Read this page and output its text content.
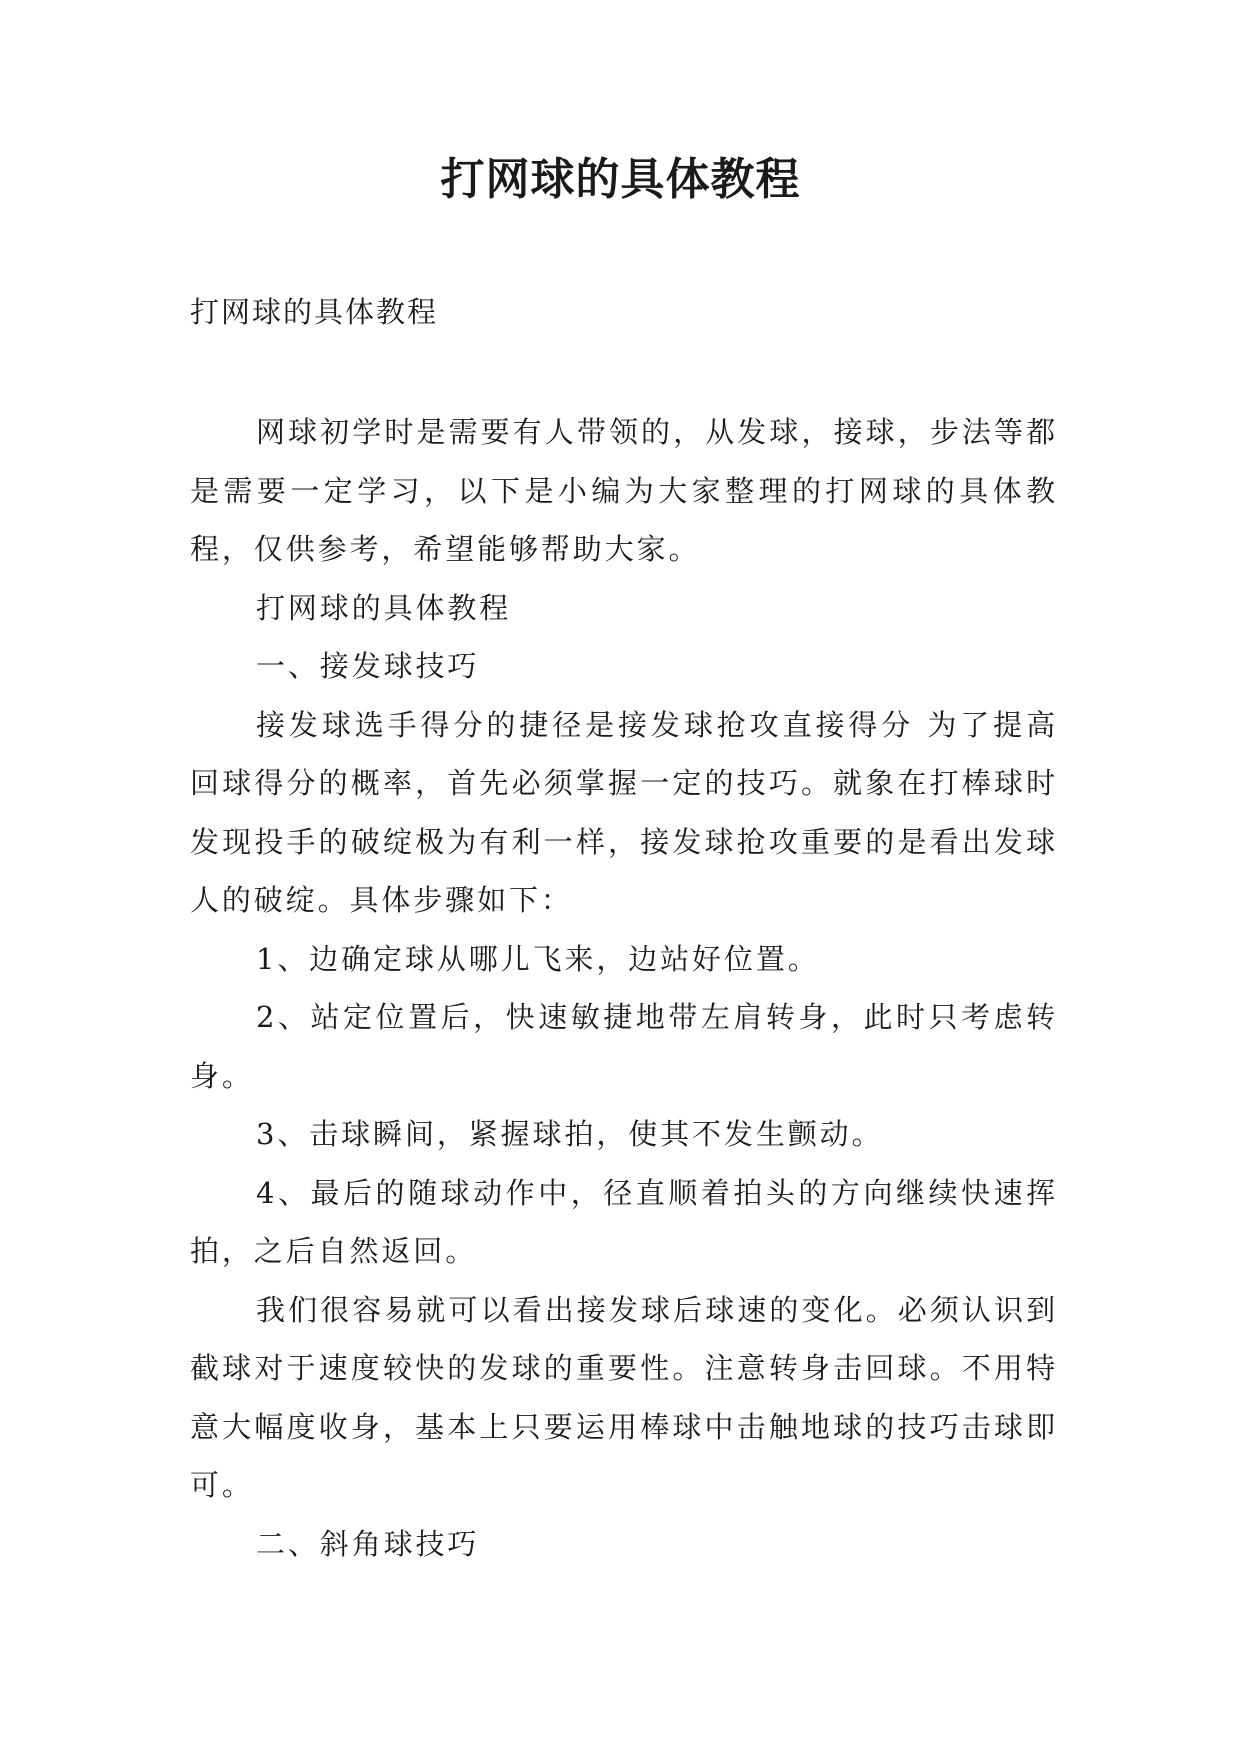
打网球的具体教程
打网球的具体教程

网球初学时是需要有人带领的，从发球，接球，步法等都是需要一定学习，以下是小编为大家整理的打网球的具体教程，仅供参考，希望能够帮助大家。

打网球的具体教程

一、接发球技巧

接发球选手得分的捷径是接发球抢攻直接得分 为了提高回球得分的概率，首先必须掌握一定的技巧。就象在打棒球时发现投手的破绽极为有利一样，接发球抢攻重要的是看出发球人的破绽。具体步骤如下：

1、边确定球从哪儿飞来，边站好位置。

2、站定位置后，快速敏捷地带左肩转身，此时只考虑转身。

3、击球瞬间，紧握球拍，使其不发生颤动。

4、最后的随球动作中，径直顺着拍头的方向继续快速挥拍，之后自然返回。

我们很容易就可以看出接发球后球速的变化。必须认识到截球对于速度较快的发球的重要性。注意转身击回球。不用特意大幅度收身，基本上只要运用棒球中击触地球的技巧击球即可。

二、斜角球技巧
